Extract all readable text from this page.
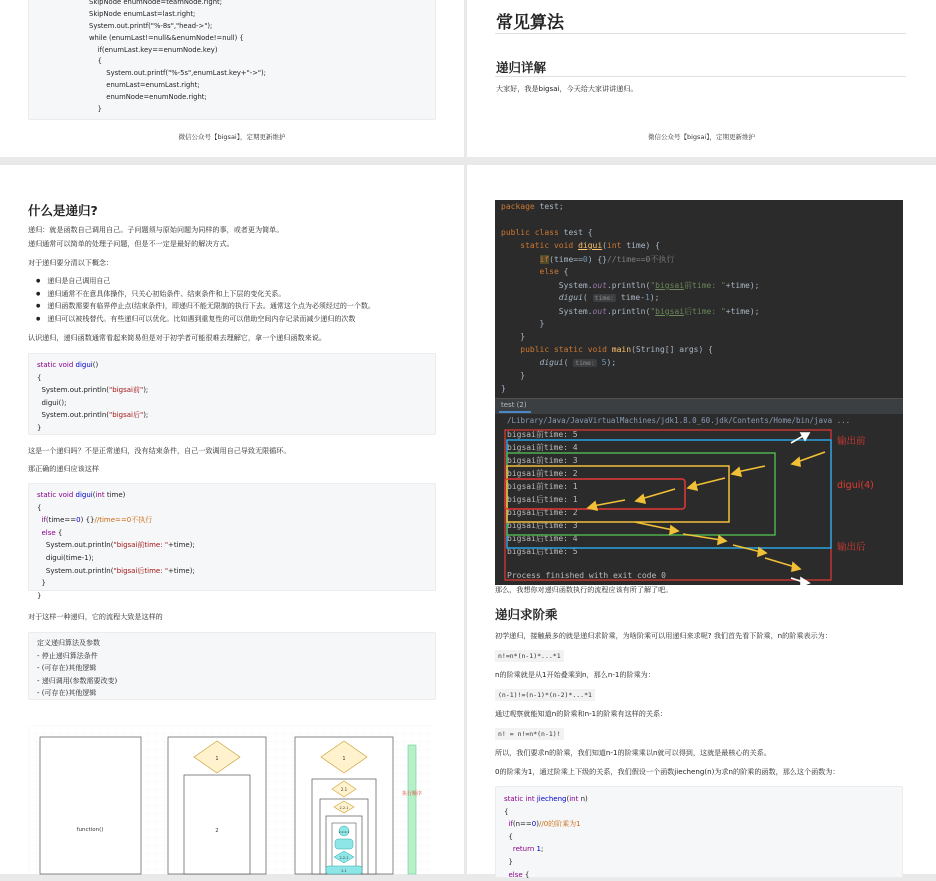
SkipNode enumNode=teamNode.right;
SkipNode enumLast=last.right;
System.out.printf("%-8s","head->");
while (enumLast!=null&&enumNode!=null) {
if(enumLast.key==enumNode.key)
{
System.out.printf("%-5s",enumLast.key+"->");
enumLast=enumLast.right;
enumNode=enumNode.right;
}
微信公众号【bigsai】，定期更新维护
常见算法
递归详解
大家好，我是bigsai，今天给大家讲讲递归。
微信公众号【bigsai】，定期更新维护
什么是递归?
递归：就是函数自己调用自己。子问题须与原始问题为同样的事，或者更为简单。
递归通常可以简单的处理子问题，但是不一定是最好的解决方式。
对于递归要分清以下概念：
● 递归是自己调用自己
● 递归通常不在意具体操作，只关心初始条件、结束条件和上下层的变化关系。
● 递归函数需要有临界停止点(结束条件)，即递归不能无限制的执行下去。通常这个点为必须经过的一个数。
● 递归可以被栈替代。有些递归可以优化。比如遇到重复性的可以借助空间内存记录而减少递归的次数
认识递归，递归函数通常看起来简易但是对于初学者可能很难去理解它，拿一个递归函数来说。
static void digui()
{
System.out.println("bigsai前");
digui();
System.out.println("bigsai后");
}
这是一个递归吗？不是正常递归，没有结束条件，自己一致调用自己导致无限循环。
那正确的递归应该这样
static void digui(int time)
{
if(time==0) {}//time==0不执行
else {
System.out.println("bigsai前time: "+time);
digui(time-1);
System.out.println("bigsai后time: "+time);
}
}
对于这样一种递归，它的流程大致是这样的
定义递归算法及参数
- 停止递归算法条件
- (可存在)其他逻辑
- 递归调用(参数需要改变)
- (可存在)其他逻辑
function()
1
2
1
2.1
2.2.1
2.2.2.1
2.2.1
2.1
执行顺序
package test;
public class test {
static void digui(int time) {
if(time==0) {}//time==0不执行
else {
System.out.println("bigsai前time: "+time);
digui( time: time-1);
System.out.println("bigsai后time: "+time);
}
}
public static void main(String[] args) {
digui( time: 5);
}
}
test (2)
/Library/Java/JavaVirtualMachines/jdk1.8.0_60.jdk/Contents/Home/bin/java ...
bigsai前time: 5
bigsai前time: 4
bigsai前time: 3
bigsai前time: 2
bigsai前time: 1
bigsai后time: 1
bigsai后time: 2
bigsai后time: 3
bigsai后time: 4
bigsai后time: 5
Process finished with exit code 0
输出前
digui(4)
输出后
那么，我想你对递归函数执行的流程应该有所了解了吧。
递归求阶乘
初学递归，接触最多的就是递归求阶乘，为啥阶乘可以用递归来求呢? 我们首先看下阶乘，n的阶乘表示为：
n!=n*(n-1)*...*1
n的阶乘就是从1开始叠乘到n，那么n-1的阶乘为：
(n-1)!=(n-1)*(n-2)*...*1
通过观察就能知道n的阶乘和n-1的阶乘有这样的关系：
n! = n!=n*(n-1)!
所以，我们要求n的阶乘，我们知道n-1的阶乘乘以n就可以得到，这就是最核心的关系。
0的阶乘为1，通过阶乘上下级的关系，我们假设一个函数jiecheng(n)为求n的阶乘的函数，那么这个函数为：
static int jiecheng(int n)
{
if(n==0)//0的阶乘为1
{
return 1;
}
else {
